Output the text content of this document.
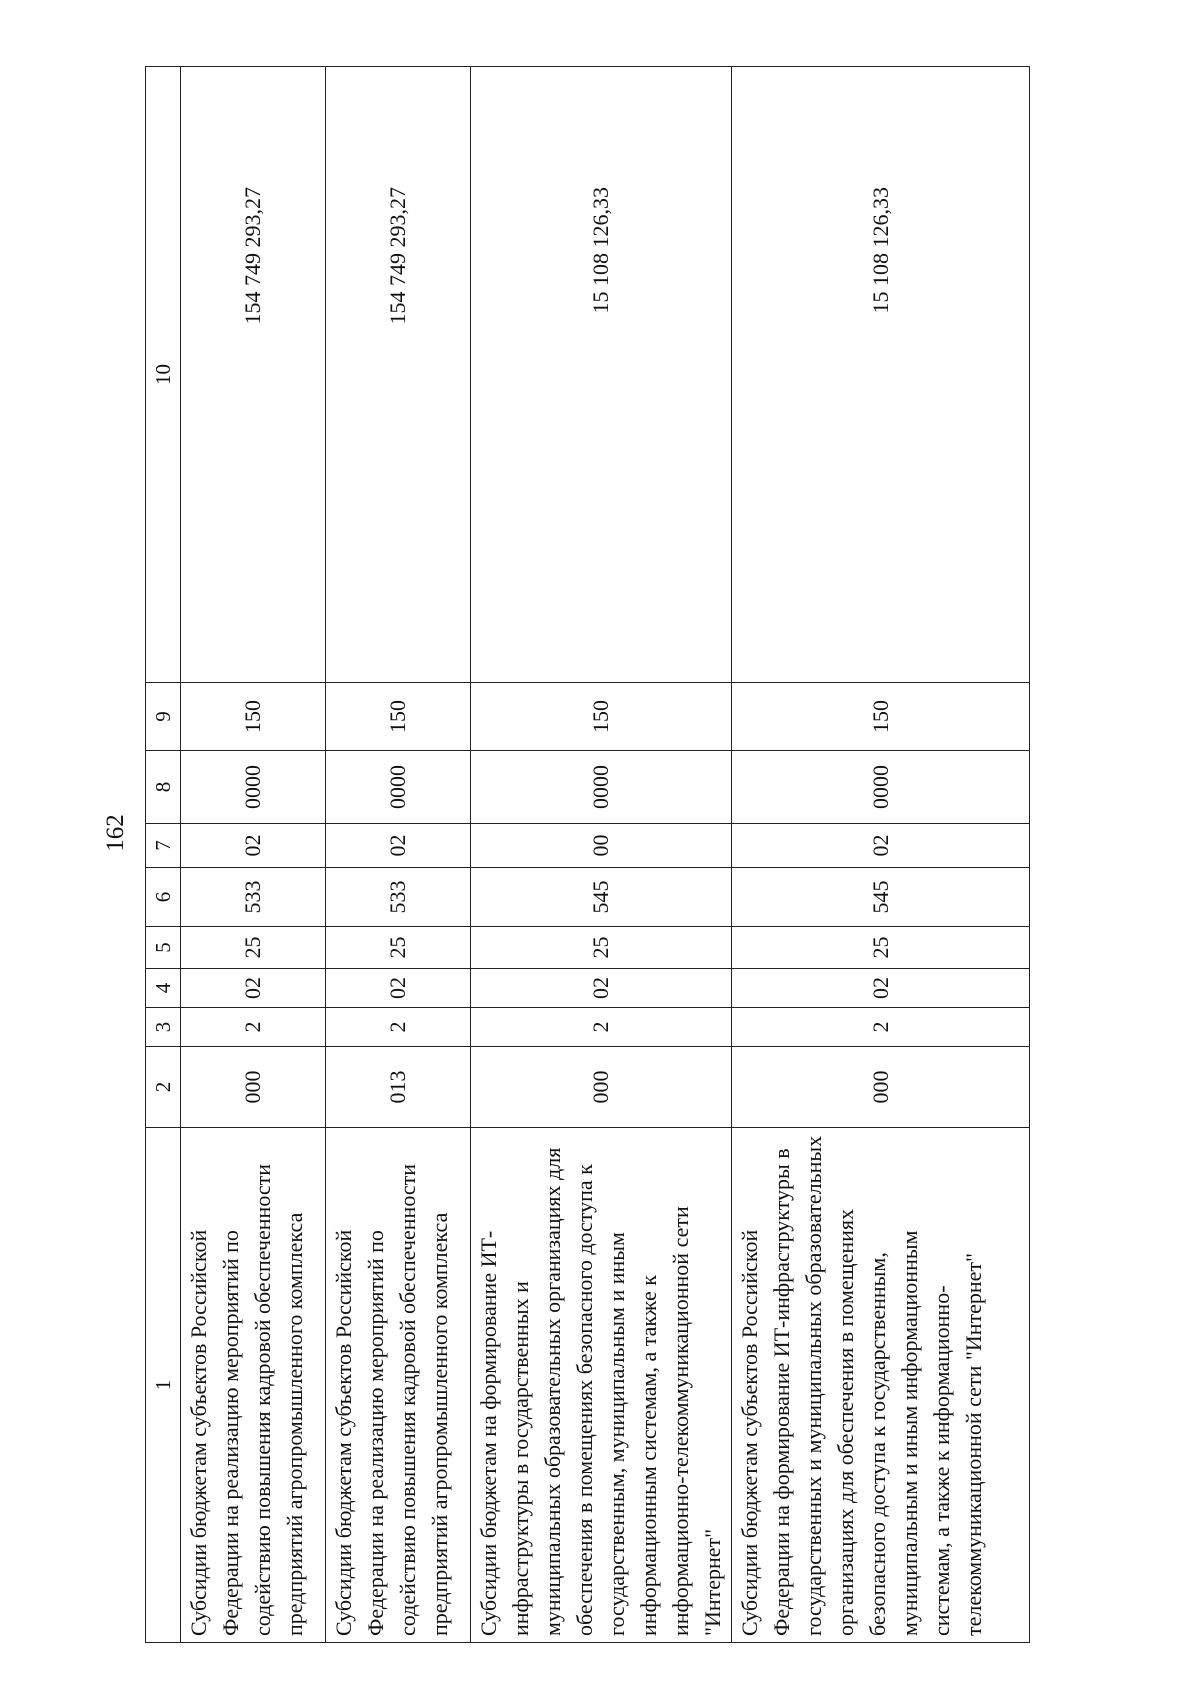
162
1	2	3	4	5	6	7	8	9	10
Субсидии бюджетам субъектов Российской Федерации на реализацию мероприятий по содействию повышения кадровой обеспеченности предприятий агропромышленного комплекса	000	2	02	25	533	02	0000	150	154 749 293,27
Субсидии бюджетам субъектов Российской Федерации на реализацию мероприятий по содействию повышения кадровой обеспеченности предприятий агропромышленного комплекса	013	2	02	25	533	02	0000	150	154 749 293,27
Субсидии бюджетам на формирование ИТ-инфраструктуры в государственных и муниципальных образовательных организациях для обеспечения в помещениях безопасного доступа к государственным, муниципальным и иным информационным системам, а также к информационно-телекоммуникационной сети "Интернет"	000	2	02	25	545	00	0000	150	15 108 126,33
Субсидии бюджетам субъектов Российской Федерации на формирование ИТ-инфраструктуры в государственных и муниципальных образовательных организациях для обеспечения в помещениях безопасного доступа к государственным, муниципальным и иным информационным системам, а также к информационно-телекоммуникационной сети "Интернет"	000	2	02	25	545	02	0000	150	15 108 126,33
